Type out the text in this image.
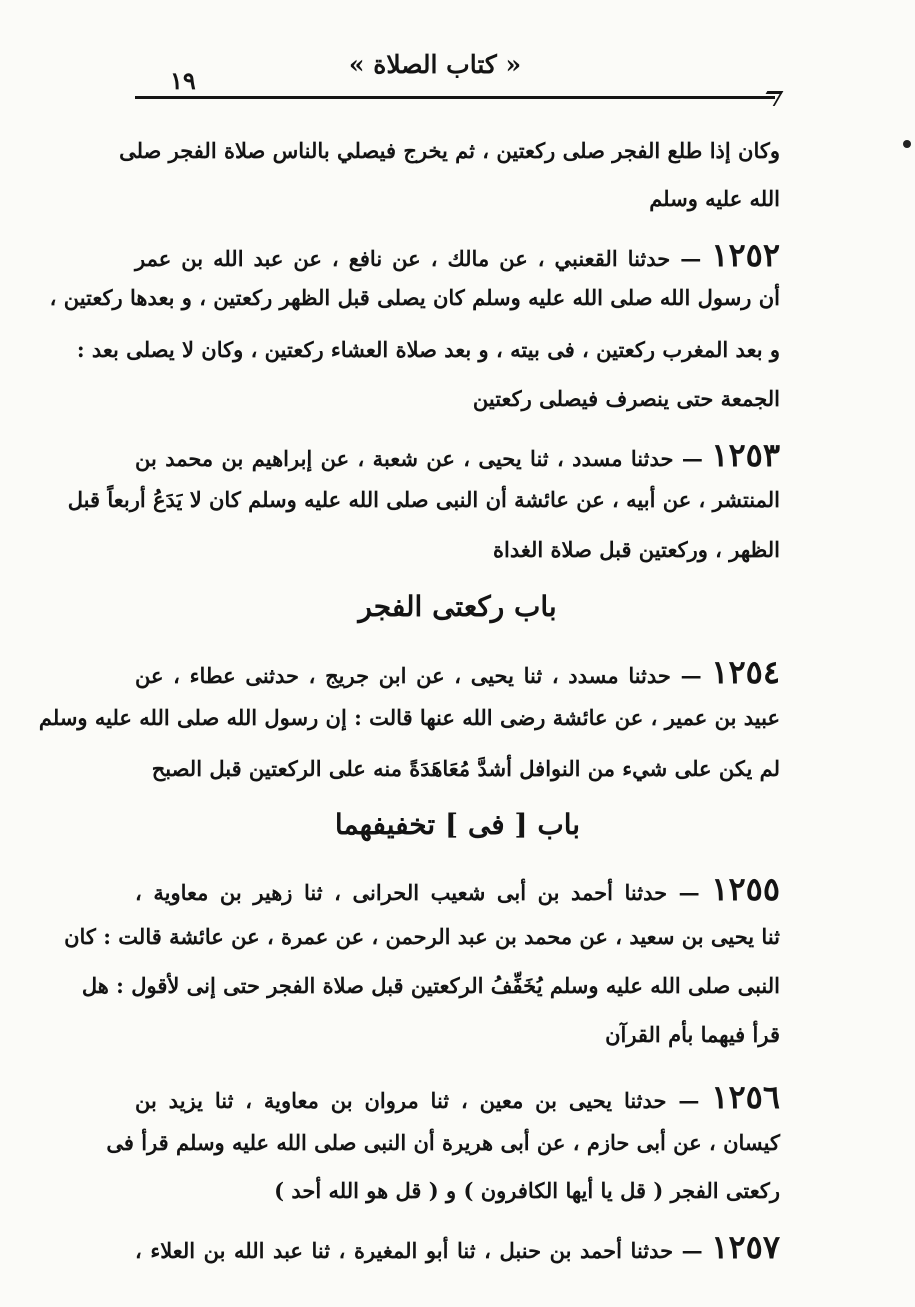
« كتاب الصلاة »
١٩
وكان إذا طلع الفجر صلى ركعتين ، ثم يخرج فيصلي بالناس صلاة الفجر صلى
الله عليه وسلم
١٢٥٢ — حدثنا القعنبي ، عن مالك ، عن نافع ، عن عبد الله بن عمر
أن رسول الله صلى الله عليه وسلم كان يصلى قبل الظهر ركعتين ، و بعدها ركعتين ،
و بعد المغرب ركعتين ، فى بيته ، و بعد صلاة العشاء ركعتين ، وكان لا يصلى بعد :
الجمعة حتى ينصرف فيصلى ركعتين
١٢٥٣ — حدثنا مسدد ، ثنا يحيى ، عن شعبة ، عن إبراهيم بن محمد بن
المنتشر ، عن أبيه ، عن عائشة أن النبى صلى الله عليه وسلم كان لا يَدَعُ أربعاً قبل
الظهر ، وركعتين قبل صلاة الغداة
باب ركعتى الفجر
١٢٥٤ — حدثنا مسدد ، ثنا يحيى ، عن ابن جريج ، حدثنى عطاء ، عن
عبيد بن عمير ، عن عائشة رضى الله عنها قالت : إن رسول الله صلى الله عليه وسلم
لم يكن على شيء من النوافل أشدَّ مُعَاهَدَةً منه على الركعتين قبل الصبح
باب [ فى ] تخفيفهما
١٢٥٥ — حدثنا أحمد بن أبى شعيب الحرانى ، ثنا زهير بن معاوية ،
ثنا يحيى بن سعيد ، عن محمد بن عبد الرحمن ، عن عمرة ، عن عائشة قالت : كان
النبى صلى الله عليه وسلم يُخَفِّفُ الركعتين قبل صلاة الفجر حتى إنى لأقول : هل
قرأ فيهما بأم القرآن
١٢٥٦ — حدثنا يحيى بن معين ، ثنا مروان بن معاوية ، ثنا يزيد بن
كيسان ، عن أبى حازم ، عن أبى هريرة أن النبى صلى الله عليه وسلم قرأ فى
ركعتى الفجر ( قل يا أيها الكافرون ) و ( قل هو الله أحد )
١٢٥٧ — حدثنا أحمد بن حنبل ، ثنا أبو المغيرة ، ثنا عبد الله بن العلاء ،
